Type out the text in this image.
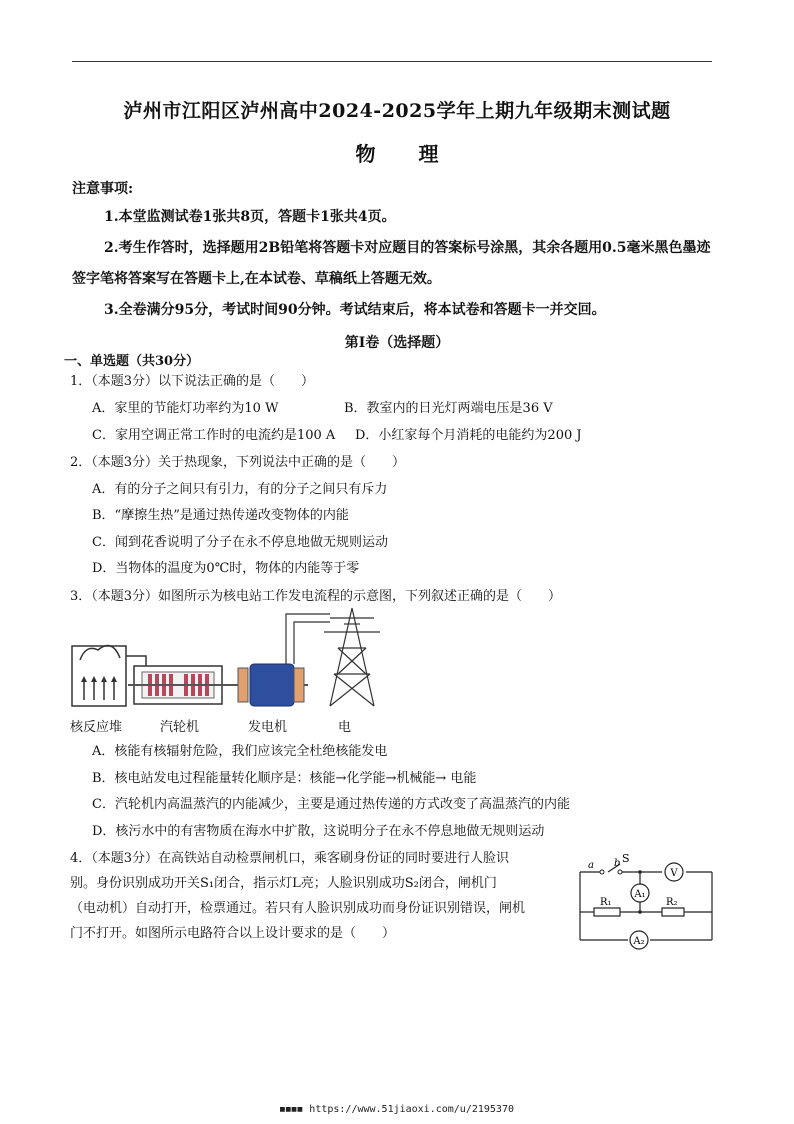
泸州市江阳区泸州高中2024-2025学年上期九年级期末测试题
物 理
注意事项:

1.本堂监测试卷1张共8页，答题卡1张共4页。

2.考生作答时，选择题用2B铅笔将答题卡对应题目的答案标号涂黑，其余各题用0.5毫米黑色墨迹签字笔将答案写在答题卡上,在本试卷、草稿纸上答题无效。

3.全卷满分95分，考试时间90分钟。考试结束后，将本试卷和答题卡一并交回。

第Ⅰ卷（选择题）
一、单选题（共30分）
1．（本题3分）以下说法正确的是（　　）
A．家里的节能灯功率约为10 W	B．教室内的日光灯两端电压是36 V
C．家用空调正常工作时的电流约是100 A D．小红家每个月消耗的电能约为200 J
2．（本题3分）关于热现象，下列说法中正确的是（　　）
A．有的分子之间只有引力，有的分子之间只有斥力
B．“摩擦生热”是通过热传递改变物体的内能
C．闻到花香说明了分子在永不停息地做无规则运动
D．当物体的温度为0℃时，物体的内能等于零
3．（本题3分）如图所示为核电站工作发电流程的示意图，下列叙述正确的是（　　）
核反应堆	汽轮机	发电机	电
A．核能有核辐射危险，我们应该完全杜绝核能发电
B．核电站发电过程能量转化顺序是：核能→化学能→机械能→ 电能
C．汽轮机内高温蒸汽的内能减少，主要是通过热传递的方式改变了高温蒸汽的内能
D．核污水中的有害物质在海水中扩散，这说明分子在永不停息地做无规则运动

4．（本题3分）在高铁站自动检票闸机口，乘客刷身份证的同时要进行人脸识

别。身份识别成功开关S₁闭合，指示灯L亮；人脸识别成功S₂闭合，闸机门

（电动机）自动打开，检票通过。若只有人脸识别成功而身份证识别错误，闸机

门不打开。如图所示电路符合以上设计要求的是（　　）

a b S
V
A₁
R₁	R₂
A₂
■■■■ https://www.51jiaoxi.com/u/2195370
